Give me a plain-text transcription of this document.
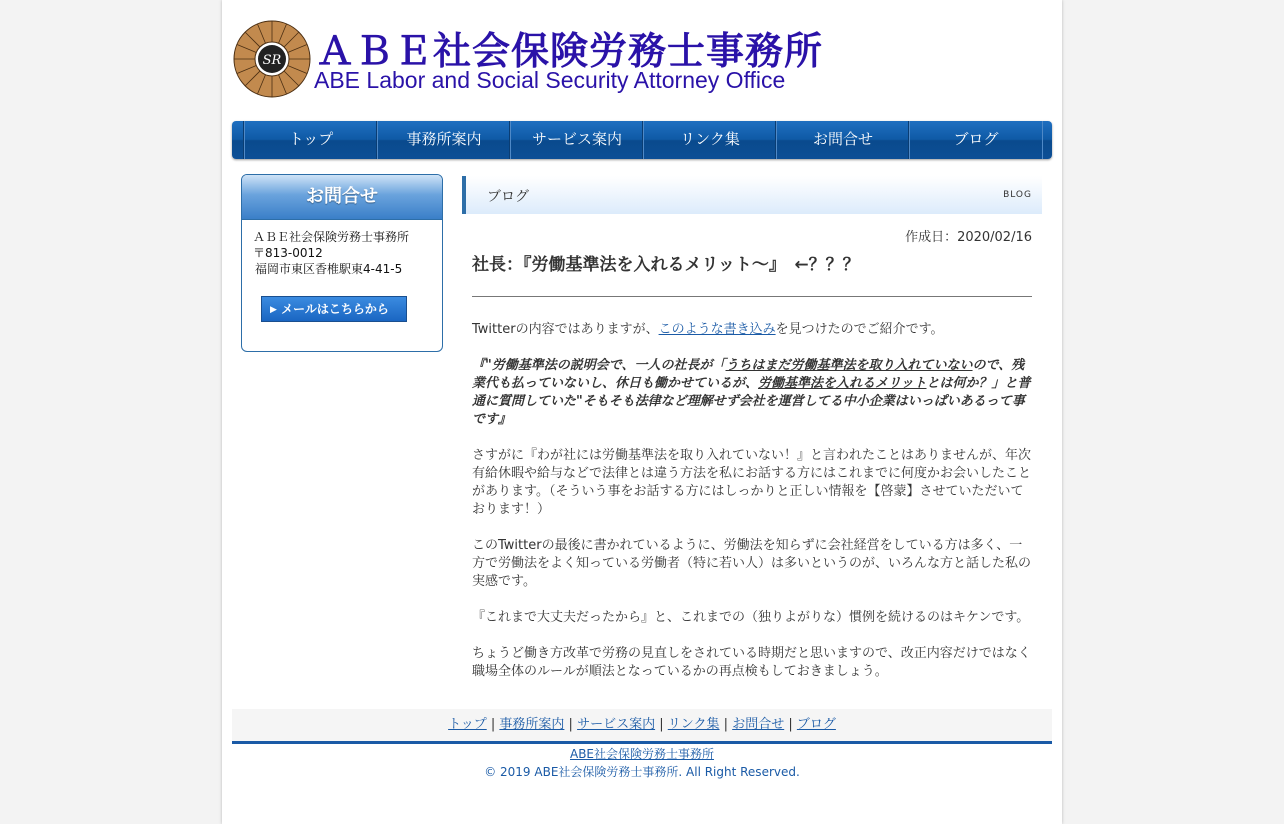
SR ＡＢＥ社会保険労務士事務所
ABE Labor and Social Security Attorney Office
トップ	事務所案内	サービス案内	リンク集	お問合せ	ブログ
お問合せ
ＡＢＥ社会保険労務士事務所
〒813-0012
福岡市東区香椎駅東4-41-5
▶ メールはこちらから
ブログ	BLOG
作成日：2020/02/16
社長：『労働基準法を入れるメリット～』　←？？？
Twitterの内容ではありますが、このような書き込みを見つけたのでご紹介です。
『"労働基準法の説明会で、一人の社長が「うちはまだ労働基準法を取り入れていないので、残業代も払っていないし、休日も働かせているが、労働基準法を入れるメリットとは何か？」と普通に質問していた"そもそも法律など理解せず会社を運営してる中小企業はいっぱいあるって事です』
さすがに『わが社には労働基準法を取り入れていない！』と言われたことはありませんが、年次有給休暇や給与などで法律とは違う方法を私にお話する方にはこれまでに何度かお会いしたことがあります。（そういう事をお話する方にはしっかりと正しい情報を【啓蒙】させていただいております！）
このTwitterの最後に書かれているように、労働法を知らずに会社経営をしている方は多く、一方で労働法をよく知っている労働者（特に若い人）は多いというのが、いろんな方と話した私の実感です。
『これまで大丈夫だったから』と、これまでの（独りよがりな）慣例を続けるのはキケンです。
ちょうど働き方改革で労務の見直しをされている時期だと思いますので、改正内容だけではなく職場全体のルールが順法となっているかの再点検もしておきましょう。
トップ | 事務所案内 | サービス案内 | リンク集 | お問合せ | ブログ
ABE社会保険労務士事務所
© 2019 ABE社会保険労務士事務所. All Right Reserved.
